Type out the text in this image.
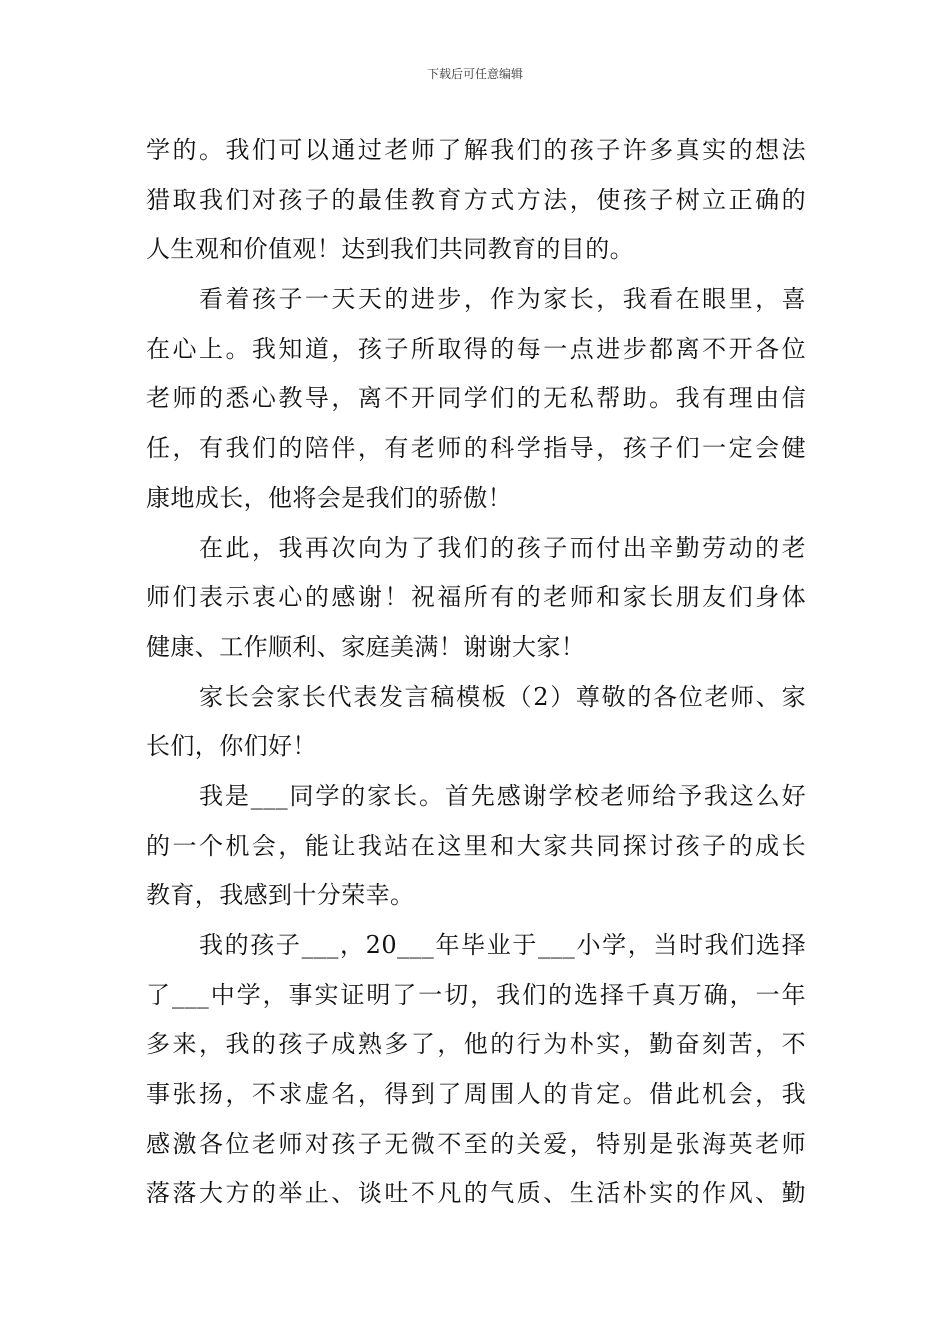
下载后可任意编辑
学的。我们可以通过老师了解我们的孩子许多真实的想法
猎取我们对孩子的最佳教育方式方法，使孩子树立正确的
人生观和价值观！达到我们共同教育的目的。
看着孩子一天天的进步，作为家长，我看在眼里，喜
在心上。我知道，孩子所取得的每一点进步都离不开各位
老师的悉心教导，离不开同学们的无私帮助。我有理由信
任，有我们的陪伴，有老师的科学指导，孩子们一定会健
康地成长，他将会是我们的骄傲！
在此，我再次向为了我们的孩子而付出辛勤劳动的老
师们表示衷心的感谢！祝福所有的老师和家长朋友们身体
健康、工作顺利、家庭美满！谢谢大家！
家长会家长代表发言稿模板（2）尊敬的各位老师、家
长们，你们好！
我是___同学的家长。首先感谢学校老师给予我这么好
的一个机会，能让我站在这里和大家共同探讨孩子的成长
教育，我感到十分荣幸。
我的孩子___，20___年毕业于___小学，当时我们选择
了___中学，事实证明了一切，我们的选择千真万确，一年
多来，我的孩子成熟多了，他的行为朴实，勤奋刻苦，不
事张扬，不求虚名，得到了周围人的肯定。借此机会，我
感激各位老师对孩子无微不至的关爱，特别是张海英老师
落落大方的举止、谈吐不凡的气质、生活朴实的作风、勤
